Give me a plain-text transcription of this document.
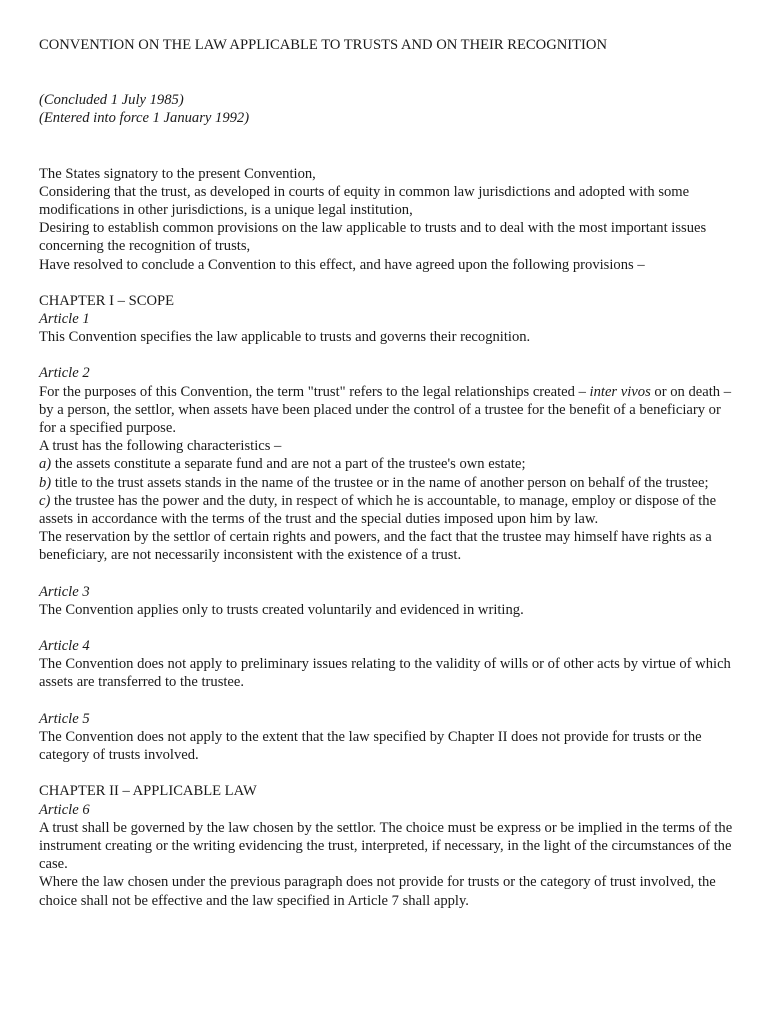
CONVENTION ON THE LAW APPLICABLE TO TRUSTS AND ON THEIR RECOGNITION
(Concluded 1 July 1985)
(Entered into force 1 January 1992)
The States signatory to the present Convention,
Considering that the trust, as developed in courts of equity in common law jurisdictions and adopted with some modifications in other jurisdictions, is a unique legal institution,
Desiring to establish common provisions on the law applicable to trusts and to deal with the most important issues concerning the recognition of trusts,
Have resolved to conclude a Convention to this effect, and have agreed upon the following provisions –
CHAPTER I – SCOPE
Article 1
This Convention specifies the law applicable to trusts and governs their recognition.
Article 2
For the purposes of this Convention, the term "trust" refers to the legal relationships created – inter vivos or on death – by a person, the settlor, when assets have been placed under the control of a trustee for the benefit of a beneficiary or for a specified purpose.
A trust has the following characteristics –
a) the assets constitute a separate fund and are not a part of the trustee's own estate;
b) title to the trust assets stands in the name of the trustee or in the name of another person on behalf of the trustee;
c) the trustee has the power and the duty, in respect of which he is accountable, to manage, employ or dispose of the assets in accordance with the terms of the trust and the special duties imposed upon him by law.
The reservation by the settlor of certain rights and powers, and the fact that the trustee may himself have rights as a beneficiary, are not necessarily inconsistent with the existence of a trust.
Article 3
The Convention applies only to trusts created voluntarily and evidenced in writing.
Article 4
The Convention does not apply to preliminary issues relating to the validity of wills or of other acts by virtue of which assets are transferred to the trustee.
Article 5
The Convention does not apply to the extent that the law specified by Chapter II does not provide for trusts or the category of trusts involved.
CHAPTER II – APPLICABLE LAW
Article 6
A trust shall be governed by the law chosen by the settlor. The choice must be express or be implied in the terms of the instrument creating or the writing evidencing the trust, interpreted, if necessary, in the light of the circumstances of the case.
Where the law chosen under the previous paragraph does not provide for trusts or the category of trust involved, the choice shall not be effective and the law specified in Article 7 shall apply.
